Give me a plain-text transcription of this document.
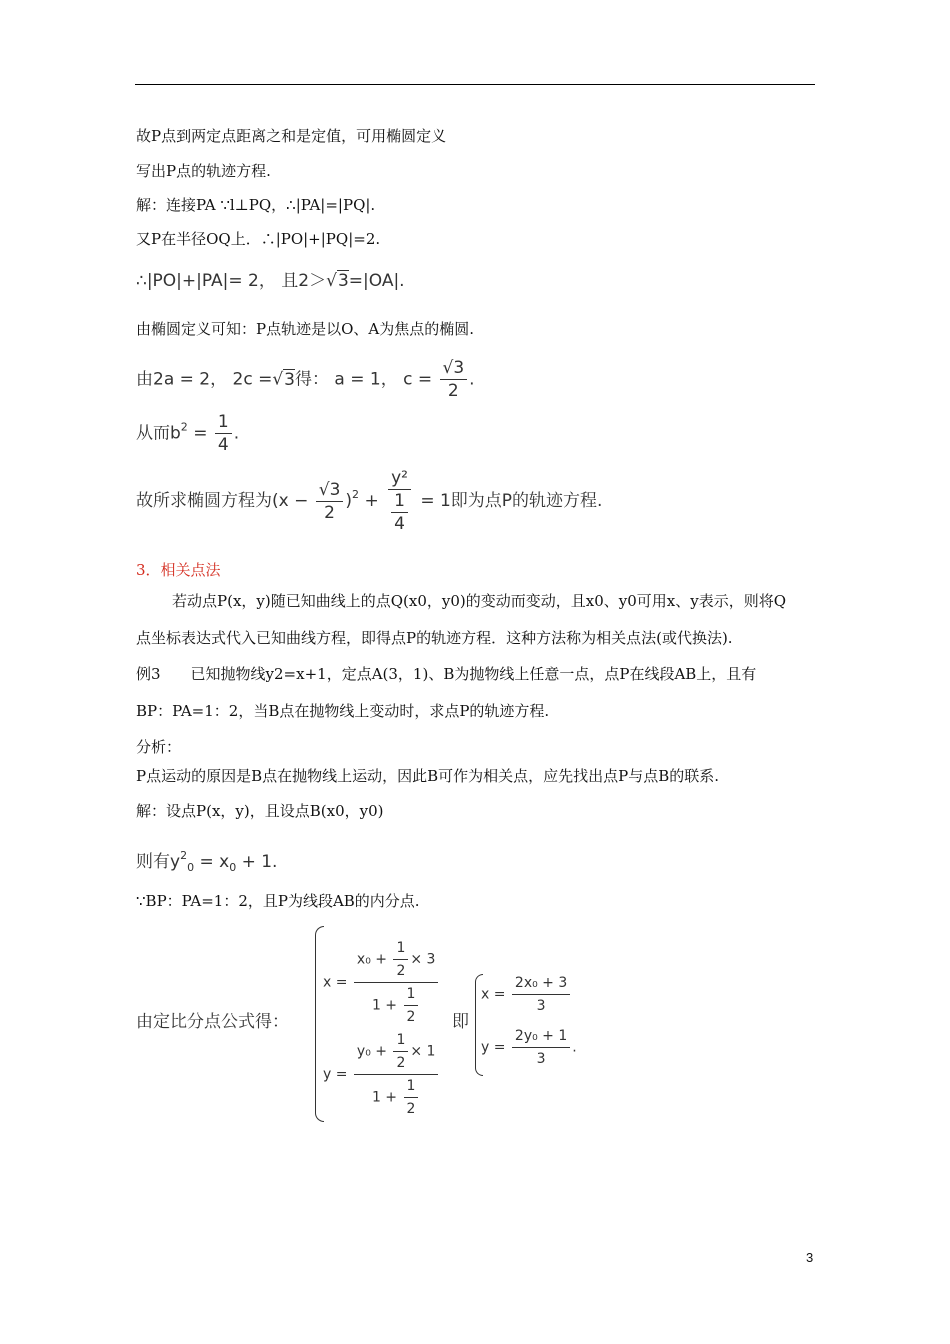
故P点到两定点距离之和是定值，可用椭圆定义
写出P点的轨迹方程.
解：连接PA ∵l⊥PQ，∴|PA|=|PQ|.
又P在半径OQ上．∴|PO|+|PQ|=2.
∴|PO|+|PA|= 2， 且2＞√3=|OA|.
由椭圆定义可知：P点轨迹是以O、A为焦点的椭圆.
由2a = 2， 2c =√3得： a = 1， $c = \frac{√3}{2}$ .
从而$b^2 = \frac{1}{4}$ .
故所求椭圆方程为$(x - \frac{√3}{2} )^2 + \frac{\text{y²}}{\frac{1}{4}} = 1$即为点P的轨迹方程.
3．相关点法
若动点P(x，y)随已知曲线上的点Q(x0，y0)的变动而变动，且x0、y0可用x、y表示，则将Q
点坐标表达式代入已知曲线方程，即得点P的轨迹方程．这种方法称为相关点法(或代换法).
例3　　已知抛物线y2=x+1，定点A(3，1)、B为抛物线上任意一点，点P在线段AB上，且有
BP：PA=1：2，当B点在抛物线上变动时，求点P的轨迹方程.
分析：
P点运动的原因是B点在抛物线上运动，因此B可作为相关点，应先找出点P与点B的联系.
解：设点P(x，y)，且设点B(x0，y0)
则有$y^2_0 = x_0 + 1$.
∵BP：PA=1：2，且P为线段AB的内分点.
由定比分点公式得：
$x = \frac{x_0 + \frac{1}{2} \times 3}{1 + \frac{1}{2}}$
$y = \frac{y_0 + \frac{1}{2} \times 1}{1 + \frac{1}{2}}$
即
$x = \frac{\text{2x₀ + 3}}{3}$
$y = \frac{\text{2y₀ + 1}}{3}$ .
3
